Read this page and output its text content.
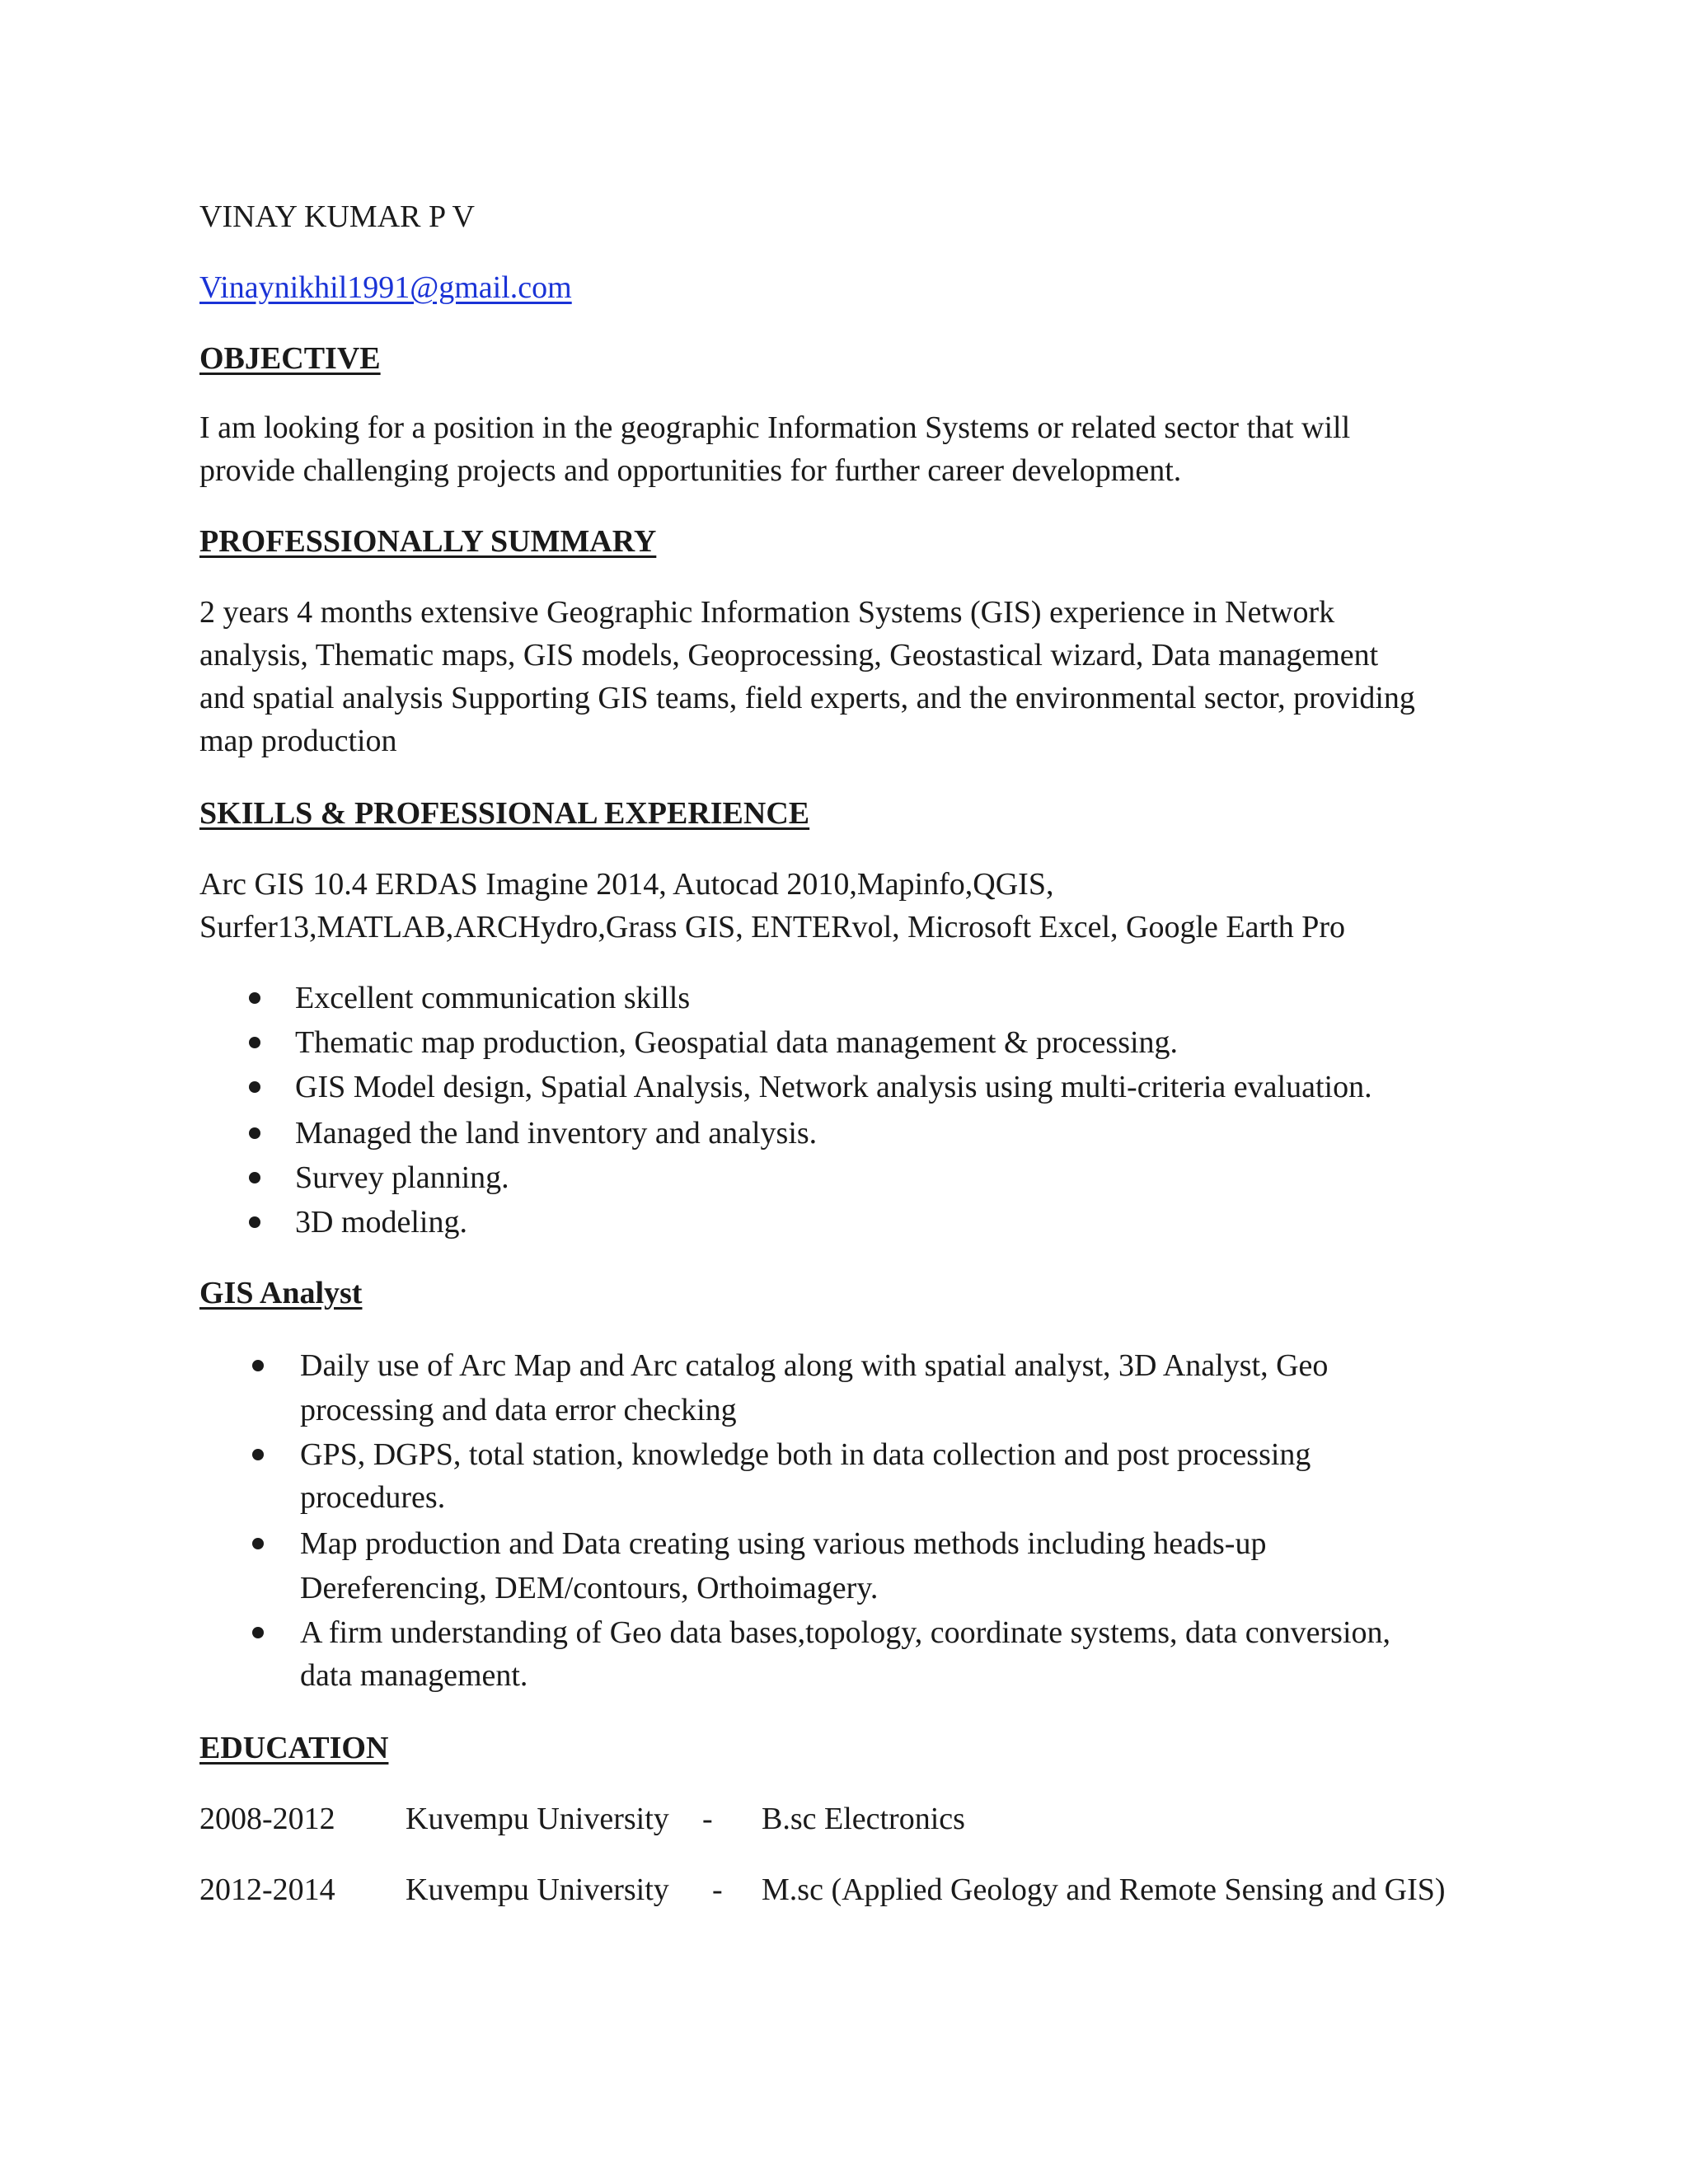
VINAY KUMAR P V
Vinaynikhil1991@gmail.com
OBJECTIVE
I am looking for a position in the geographic Information Systems or related sector that will
provide challenging projects and opportunities for further career development.
PROFESSIONALLY SUMMARY
2 years 4 months extensive Geographic Information Systems (GIS) experience in Network
analysis, Thematic maps, GIS models, Geoprocessing, Geostastical wizard, Data management
and spatial analysis Supporting GIS teams, field experts, and the environmental sector, providing
map production
SKILLS & PROFESSIONAL EXPERIENCE
Arc GIS 10.4 ERDAS Imagine 2014, Autocad 2010,Mapinfo,QGIS,
Surfer13,MATLAB,ARCHydro,Grass GIS, ENTERvol, Microsoft Excel, Google Earth Pro
Excellent communication skills
Thematic map production, Geospatial data management & processing.
GIS Model design, Spatial Analysis, Network analysis using multi-criteria evaluation.
Managed the land inventory and analysis.
Survey planning.
3D modeling.
GIS Analyst
Daily use of Arc Map and Arc catalog along with spatial analyst, 3D Analyst, Geo
processing and data error checking
GPS, DGPS, total station, knowledge both in data collection and post processing
procedures.
Map production and Data creating using various methods including heads-up
Dereferencing, DEM/contours, Orthoimagery.
A firm understanding of Geo data bases,topology, coordinate systems, data conversion,
data management.
EDUCATION
2008-2012 Kuvempu University - B.sc Electronics
2012-2014 Kuvempu University - M.sc (Applied Geology and Remote Sensing and GIS)
